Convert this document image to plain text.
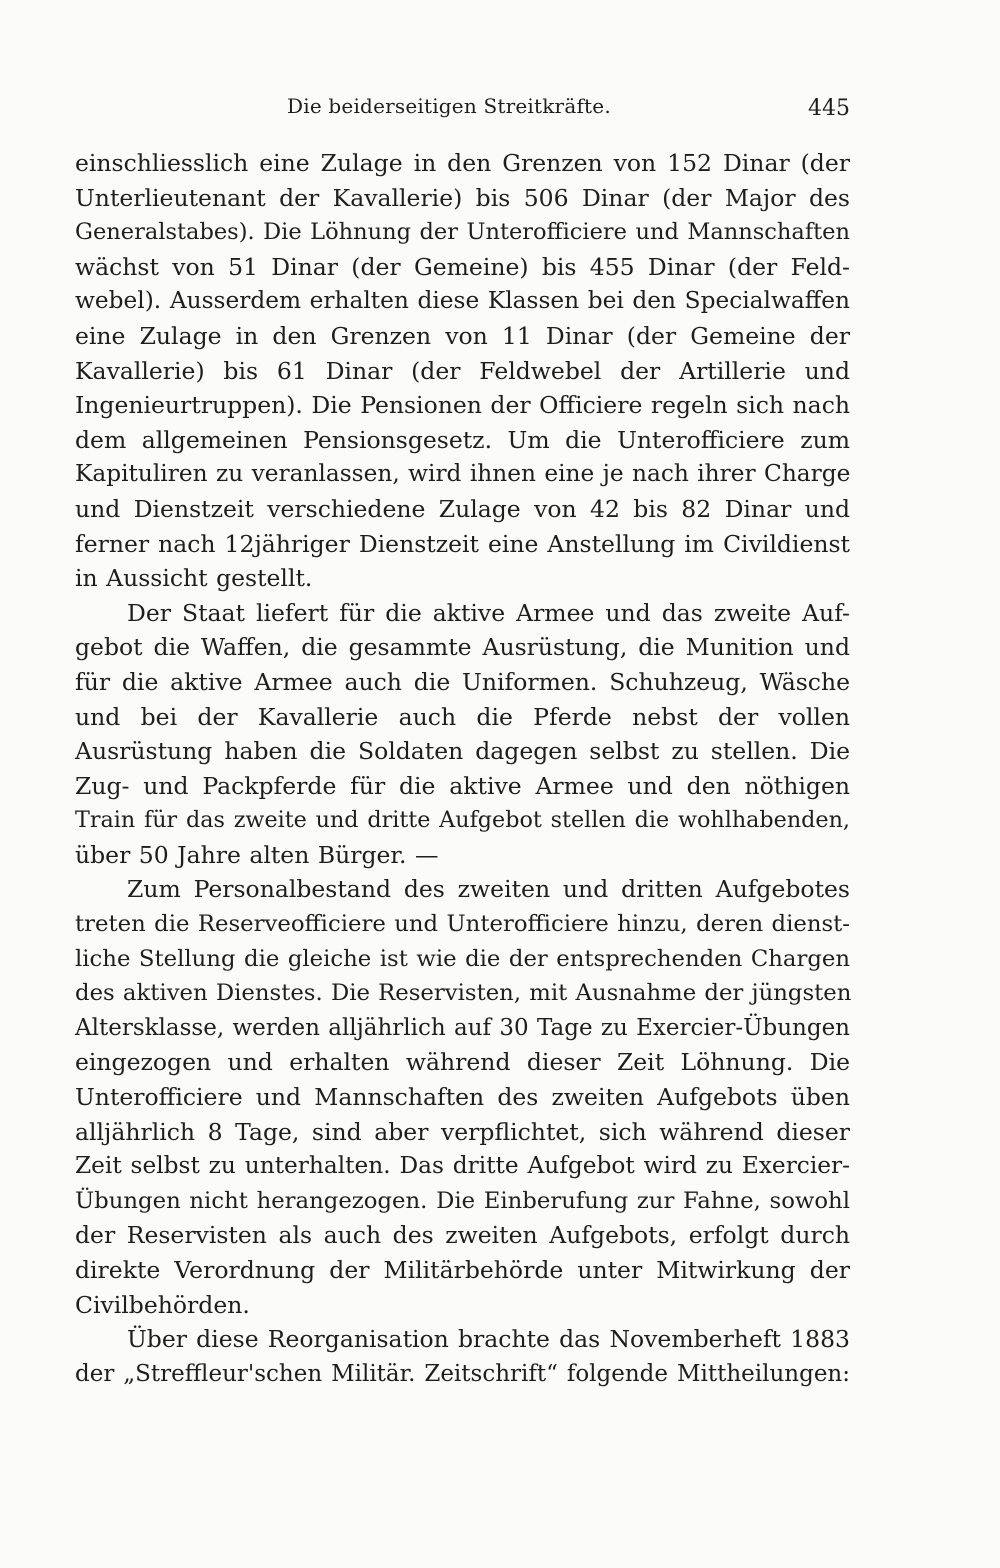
Die beiderseitigen Streitkräfte.	445
einschliesslich eine Zulage in den Grenzen von 152 Dinar (der
Unterlieutenant der Kavallerie) bis 506 Dinar (der Major des
Generalstabes). Die Löhnung der Unterofficiere und Mannschaften
wächst von 51 Dinar (der Gemeine) bis 455 Dinar (der Feld-
webel). Ausserdem erhalten diese Klassen bei den Specialwaffen
eine Zulage in den Grenzen von 11 Dinar (der Gemeine der
Kavallerie) bis 61 Dinar (der Feldwebel der Artillerie und
Ingenieurtruppen). Die Pensionen der Officiere regeln sich nach
dem allgemeinen Pensionsgesetz. Um die Unterofficiere zum
Kapituliren zu veranlassen, wird ihnen eine je nach ihrer Charge
und Dienstzeit verschiedene Zulage von 42 bis 82 Dinar und
ferner nach 12jähriger Dienstzeit eine Anstellung im Civildienst
in Aussicht gestellt.
Der Staat liefert für die aktive Armee und das zweite Auf-
gebot die Waffen, die gesammte Ausrüstung, die Munition und
für die aktive Armee auch die Uniformen. Schuhzeug, Wäsche
und bei der Kavallerie auch die Pferde nebst der vollen
Ausrüstung haben die Soldaten dagegen selbst zu stellen. Die
Zug- und Packpferde für die aktive Armee und den nöthigen
Train für das zweite und dritte Aufgebot stellen die wohlhabenden,
über 50 Jahre alten Bürger. —
Zum Personalbestand des zweiten und dritten Aufgebotes
treten die Reserveofficiere und Unterofficiere hinzu, deren dienst-
liche Stellung die gleiche ist wie die der entsprechenden Chargen
des aktiven Dienstes. Die Reservisten, mit Ausnahme der jüngsten
Altersklasse, werden alljährlich auf 30 Tage zu Exercier-Übungen
eingezogen und erhalten während dieser Zeit Löhnung. Die
Unterofficiere und Mannschaften des zweiten Aufgebots üben
alljährlich 8 Tage, sind aber verpflichtet, sich während dieser
Zeit selbst zu unterhalten. Das dritte Aufgebot wird zu Exercier-
Übungen nicht herangezogen. Die Einberufung zur Fahne, sowohl
der Reservisten als auch des zweiten Aufgebots, erfolgt durch
direkte Verordnung der Militärbehörde unter Mitwirkung der
Civilbehörden.
Über diese Reorganisation brachte das Novemberheft 1883
der „Streffleur'schen Militär. Zeitschrift“ folgende Mittheilungen:
